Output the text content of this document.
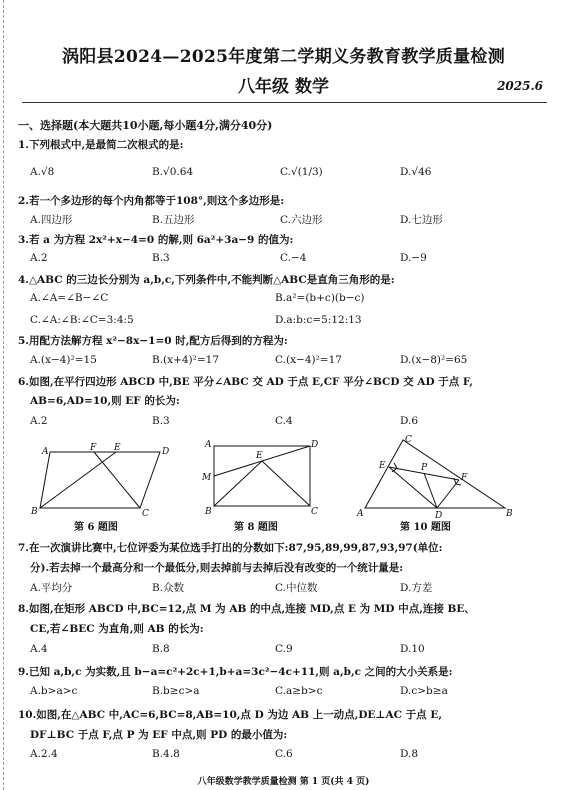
涡阳县2024—2025年度第二学期义务教育教学质量检测
八年级 数学	2025.6
一、选择题(本大题共10小题,每小题4分,满分40分)
1.下列根式中,是最简二次根式的是:
A.√8	B.√0.64	C.√(1/3)	D.√46
2.若一个多边形的每个内角都等于108°,则这个多边形是:
A.四边形	B.五边形	C.六边形	D.七边形
3.若 a 为方程 2x²+x−4=0 的解,则 6a²+3a−9 的值为:
A.2	B.3	C.−4	D.−9
4.△ABC 的三边长分别为 a,b,c,下列条件中,不能判断△ABC是直角三角形的是:
A.∠A=∠B−∠C	B.a²=(b+c)(b−c)
C.∠A:∠B:∠C=3:4:5	D.a:b:c=5:12:13
5.用配方法解方程 x²−8x−1=0 时,配方后得到的方程为:
A.(x−4)²=15	B.(x+4)²=17	C.(x−4)²=17	D.(x−8)²=65
6.如图,在平行四边形 ABCD 中,BE 平分∠ABC 交 AD 于点 E,CF 平分∠BCD 交 AD 于点 F,
AB=6,AD=10,则 EF 的长为:
A.2	B.3	C.4	D.6
A	D
B	C
F E
第 6 题图
A	D
M
E
B	C
第 8 题图
C
E	P
F
A	D	B
第 10 题图
7.在一次演讲比赛中,七位评委为某位选手打出的分数如下:87,95,89,99,87,93,97(单位:
分).若去掉一个最高分和一个最低分,则去掉前与去掉后没有改变的一个统计量是:
A.平均分	B.众数	C.中位数	D.方差
8.如图,在矩形 ABCD 中,BC=12,点 M 为 AB 的中点,连接 MD,点 E 为 MD 中点,连接 BE、
CE,若∠BEC 为直角,则 AB 的长为:
A.4	B.8	C.9	D.10
9.已知 a,b,c 为实数,且 b−a=c²+2c+1,b+a=3c²−4c+11,则 a,b,c 之间的大小关系是:
A.b>a>c	B.b≥c>a	C.a≥b>c	D.c>b≥a
10.如图,在△ABC 中,AC=6,BC=8,AB=10,点 D 为边 AB 上一动点,DE⊥AC 于点 E,
DF⊥BC 于点 F,点 P 为 EF 中点,则 PD 的最小值为:
A.2.4	B.4.8	C.6	D.8
八年级数学教学质量检测 第 1 页(共 4 页)
